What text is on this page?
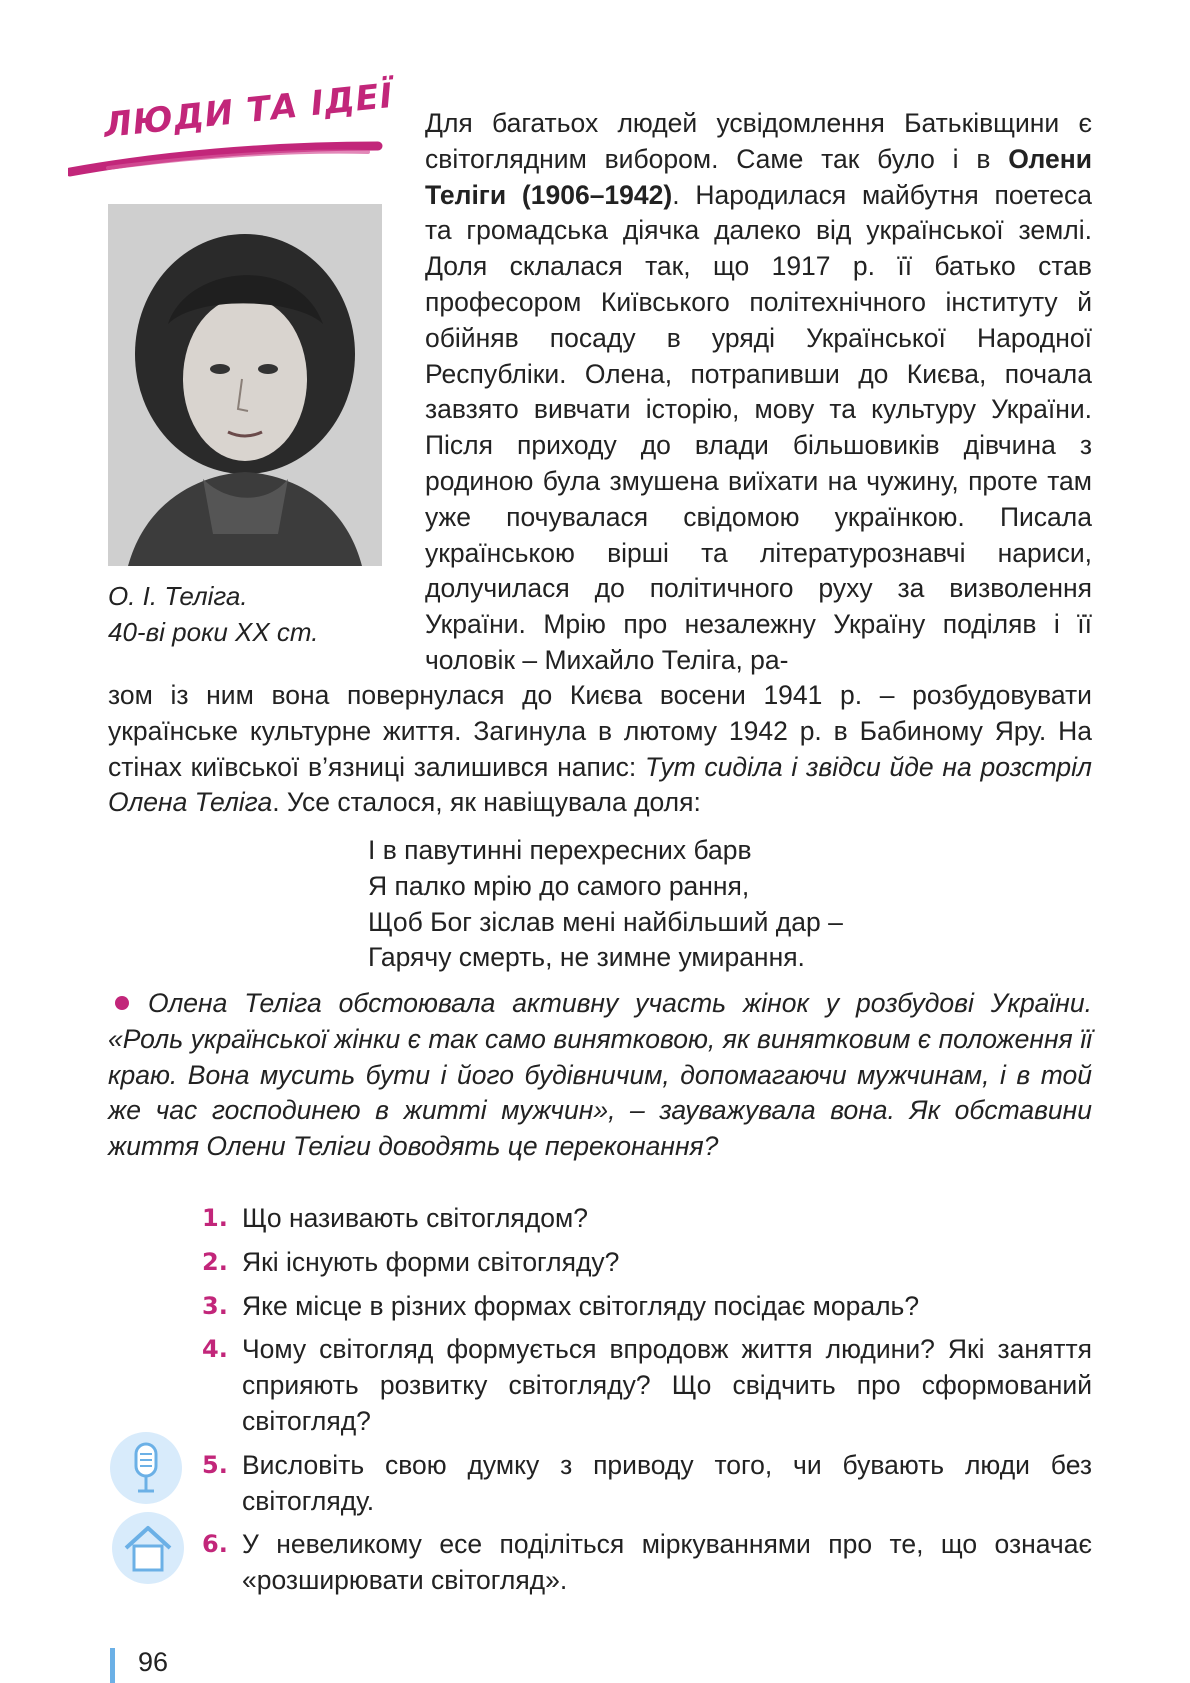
ЛЮДИ ТА ІДЕЇ
О. І. Теліга.
40-ві роки XX ст.
Для багатьох людей усвідомлення Батьківщини є світоглядним вибором. Саме так було і в Олени Теліги (1906–1942). Народилася майбутня поетеса та громадська діячка далеко від української землі. Доля склалася так, що 1917 р. її батько став професором Київського політехнічного інституту й обійняв посаду в уряді Української Народної Республіки. Олена, потрапивши до Києва, почала завзято вивчати історію, мову та культуру України. Після приходу до влади більшовиків дівчина з родиною була змушена виїхати на чужину, проте там уже почувалася свідомою українкою. Писала українською вірші та літературознавчі нариси, долучилася до політичного руху за визволення України. Мрію про незалежну Україну поділяв і її чоловік – Михайло Теліга, ра-
зом із ним вона повернулася до Києва восени 1941 р. – розбудовувати українське культурне життя. Загинула в лютому 1942 р. в Бабиному Яру. На стінах київської в’язниці залишився напис: Тут сиділа і звідси йде на розстріл Олена Теліга. Усе сталося, як навіщувала доля:
І в павутинні перехресних барв
Я палко мрію до самого рання,
Щоб Бог зіслав мені найбільший дар –
Гарячу смерть, не зимне умирання.
Олена Теліга обстоювала активну участь жінок у розбудові України. «Роль української жінки є так само винятковою, як винятковим є положення її краю. Вона мусить бути і його будівничим, допомагаючи мужчинам, і в той же час господинею в житті мужчин», – зауважувала вона. Як обставини життя Олени Теліги доводять це переконання?
1. Що називають світоглядом?
2. Які існують форми світогляду?
3. Яке місце в різних формах світогляду посідає мораль?
4. Чому світогляд формується впродовж життя людини? Які заняття сприяють розвитку світогляду? Що свідчить про сформований світогляд?
5. Висловіть свою думку з приводу того, чи бувають люди без світогляду.
6. У невеликому есе поділіться міркуваннями про те, що означає «розширювати світогляд».
96
